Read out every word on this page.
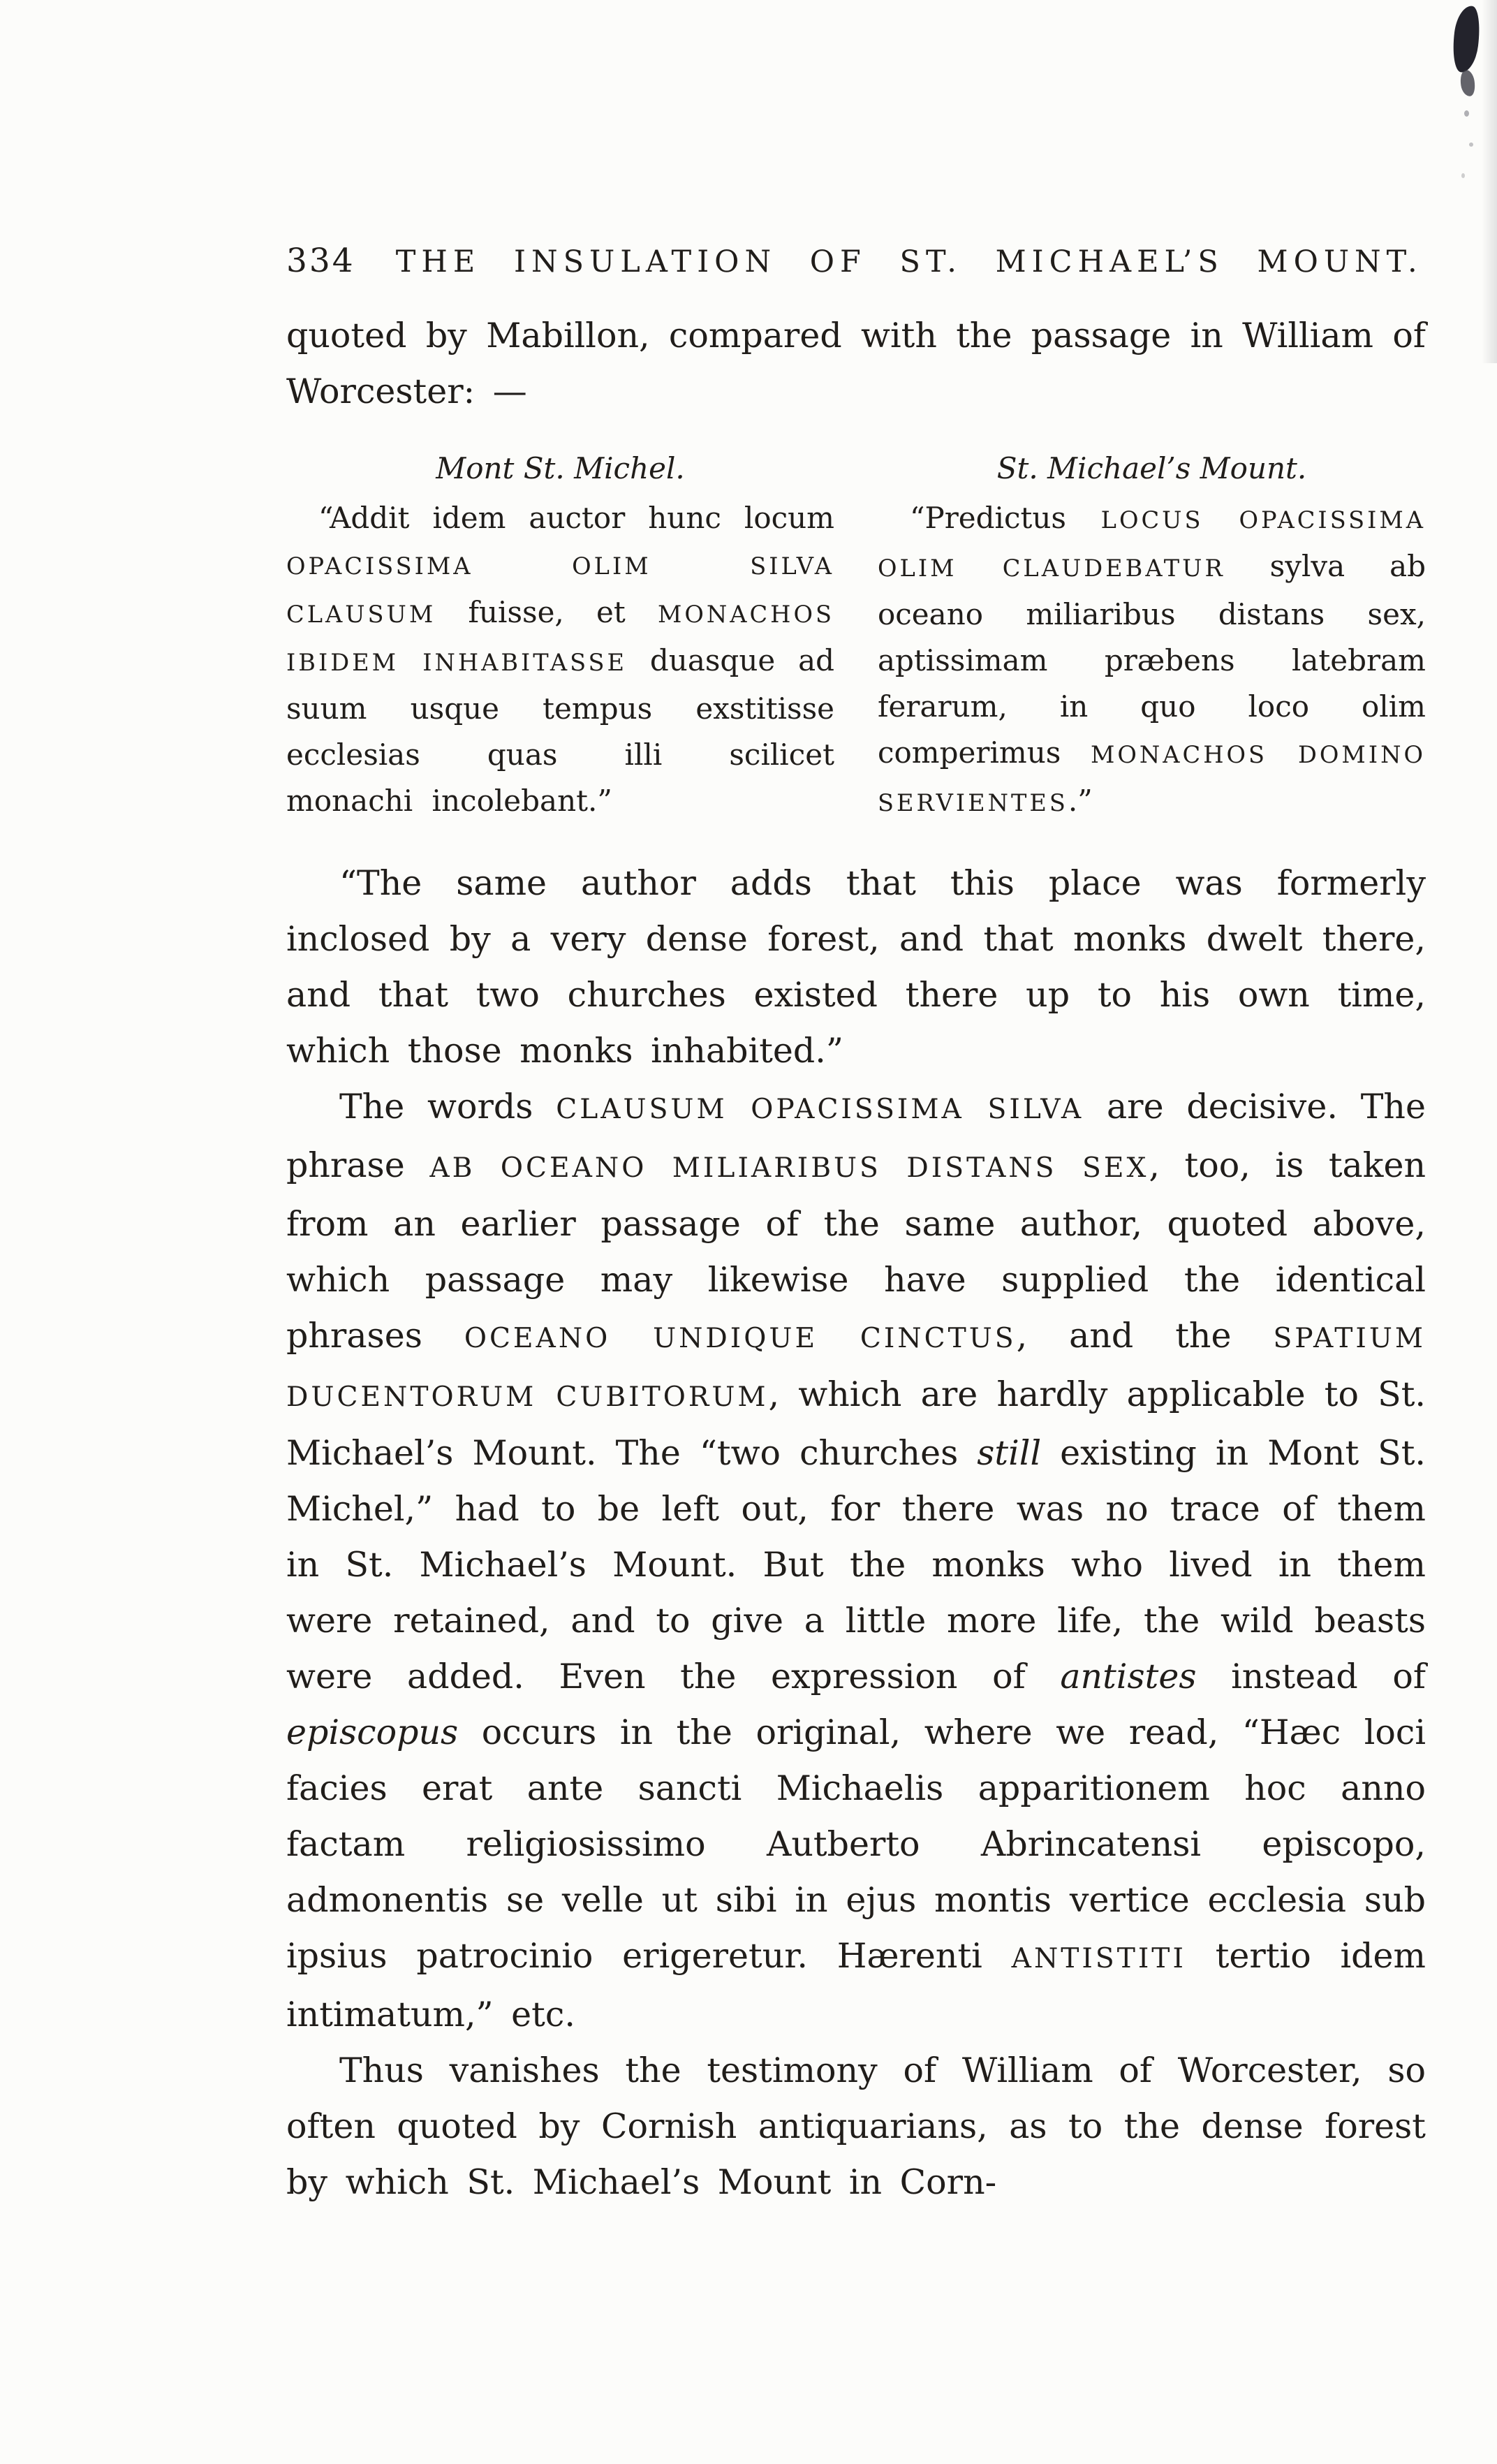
334 THE INSULATION OF ST. MICHAEL’S MOUNT.

quoted by Mabillon, compared with the passage in William of Worcester: —

Mont St. Michel.

“Addit idem auctor hunc locum OPACISSIMA OLIM SILVA CLAUSUM fuisse, et MONACHOS IBIDEM INHABITASSE duasque ad suum usque tempus exstitisse ecclesias quas illi scilicet monachi incolebant.”

St. Michael’s Mount.

“Predictus LOCUS OPACISSIMA OLIM CLAUDEBATUR sylva ab oceano miliaribus distans sex, aptissimam præbens latebram ferarum, in quo loco olim comperimus MONACHOS DOMINO SERVIENTES.”

“The same author adds that this place was formerly inclosed by a very dense forest, and that monks dwelt there, and that two churches existed there up to his own time, which those monks inhabited.”

The words CLAUSUM OPACISSIMA SILVA are decisive. The phrase AB OCEANO MILIARIBUS DISTANS SEX, too, is taken from an earlier passage of the same author, quoted above, which passage may likewise have supplied the identical phrases OCEANO UNDIQUE CINCTUS, and the SPATIUM DUCENTORUM CUBITORUM, which are hardly applicable to St. Michael’s Mount. The “two churches still existing in Mont St. Michel,” had to be left out, for there was no trace of them in St. Michael’s Mount. But the monks who lived in them were retained, and to give a little more life, the wild beasts were added. Even the expression of antistes instead of episcopus occurs in the original, where we read, “Hæc loci facies erat ante sancti Michaelis apparitionem hoc anno factam religiosissimo Autberto Abrincatensi episcopo, admonentis se velle ut sibi in ejus montis vertice ecclesia sub ipsius patrocinio erigeretur. Hærenti ANTISTITI tertio idem intimatum,” etc.

Thus vanishes the testimony of William of Worcester, so often quoted by Cornish antiquarians, as to the dense forest by which St. Michael’s Mount in Corn-
